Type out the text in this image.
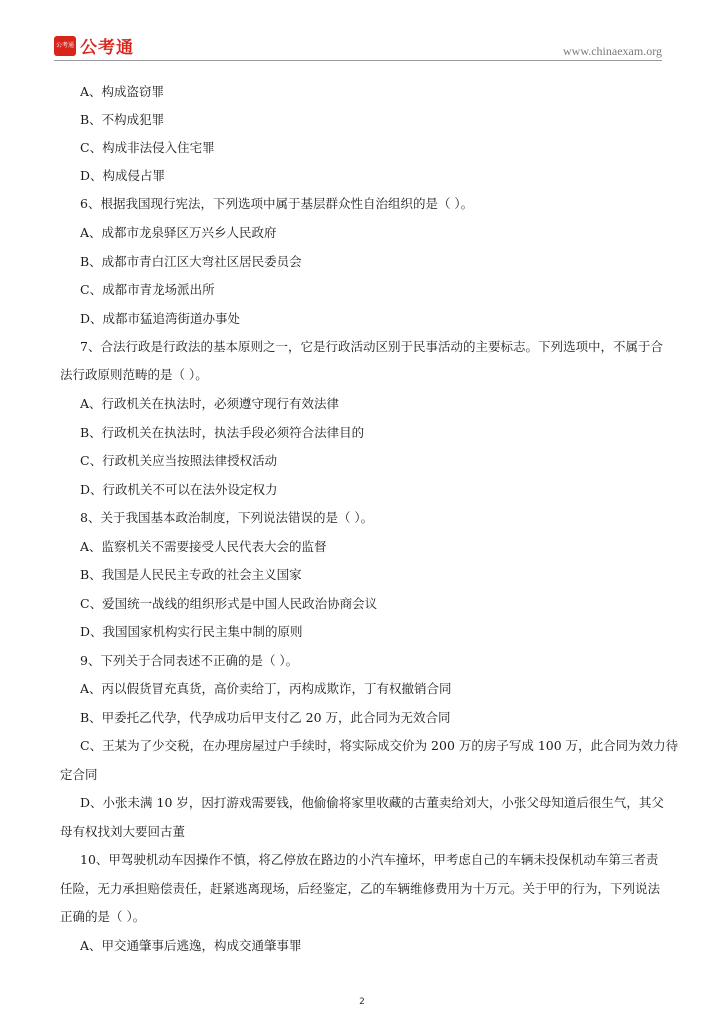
公考通 公考通	www.chinaexam.org
A、构成盗窃罪
B、不构成犯罪
C、构成非法侵入住宅罪
D、构成侵占罪
6、根据我国现行宪法，下列选项中属于基层群众性自治组织的是（ ）。
A、成都市龙泉驿区万兴乡人民政府
B、成都市青白江区大弯社区居民委员会
C、成都市青龙场派出所
D、成都市猛追湾街道办事处
7、合法行政是行政法的基本原则之一，它是行政活动区别于民事活动的主要标志。下列选项中，不属于合
法行政原则范畴的是（ ）。
A、行政机关在执法时，必须遵守现行有效法律
B、行政机关在执法时，执法手段必须符合法律目的
C、行政机关应当按照法律授权活动
D、行政机关不可以在法外设定权力
8、关于我国基本政治制度，下列说法错误的是（ ）。
A、监察机关不需要接受人民代表大会的监督
B、我国是人民民主专政的社会主义国家
C、爱国统一战线的组织形式是中国人民政治协商会议
D、我国国家机构实行民主集中制的原则
9、下列关于合同表述不正确的是（ ）。
A、丙以假货冒充真货，高价卖给丁，丙构成欺诈，丁有权撤销合同
B、甲委托乙代孕，代孕成功后甲支付乙 20 万，此合同为无效合同
C、王某为了少交税，在办理房屋过户手续时，将实际成交价为 200 万的房子写成 100 万，此合同为效力待
定合同
D、小张未满 10 岁，因打游戏需要钱，他偷偷将家里收藏的古董卖给刘大，小张父母知道后很生气，其父
母有权找刘大要回古董
10、甲驾驶机动车因操作不慎，将乙停放在路边的小汽车撞坏，甲考虑自己的车辆未投保机动车第三者责
任险，无力承担赔偿责任，赶紧逃离现场，后经鉴定，乙的车辆维修费用为十万元。关于甲的行为，下列说法
正确的是（ ）。
A、甲交通肇事后逃逸，构成交通肇事罪
2
